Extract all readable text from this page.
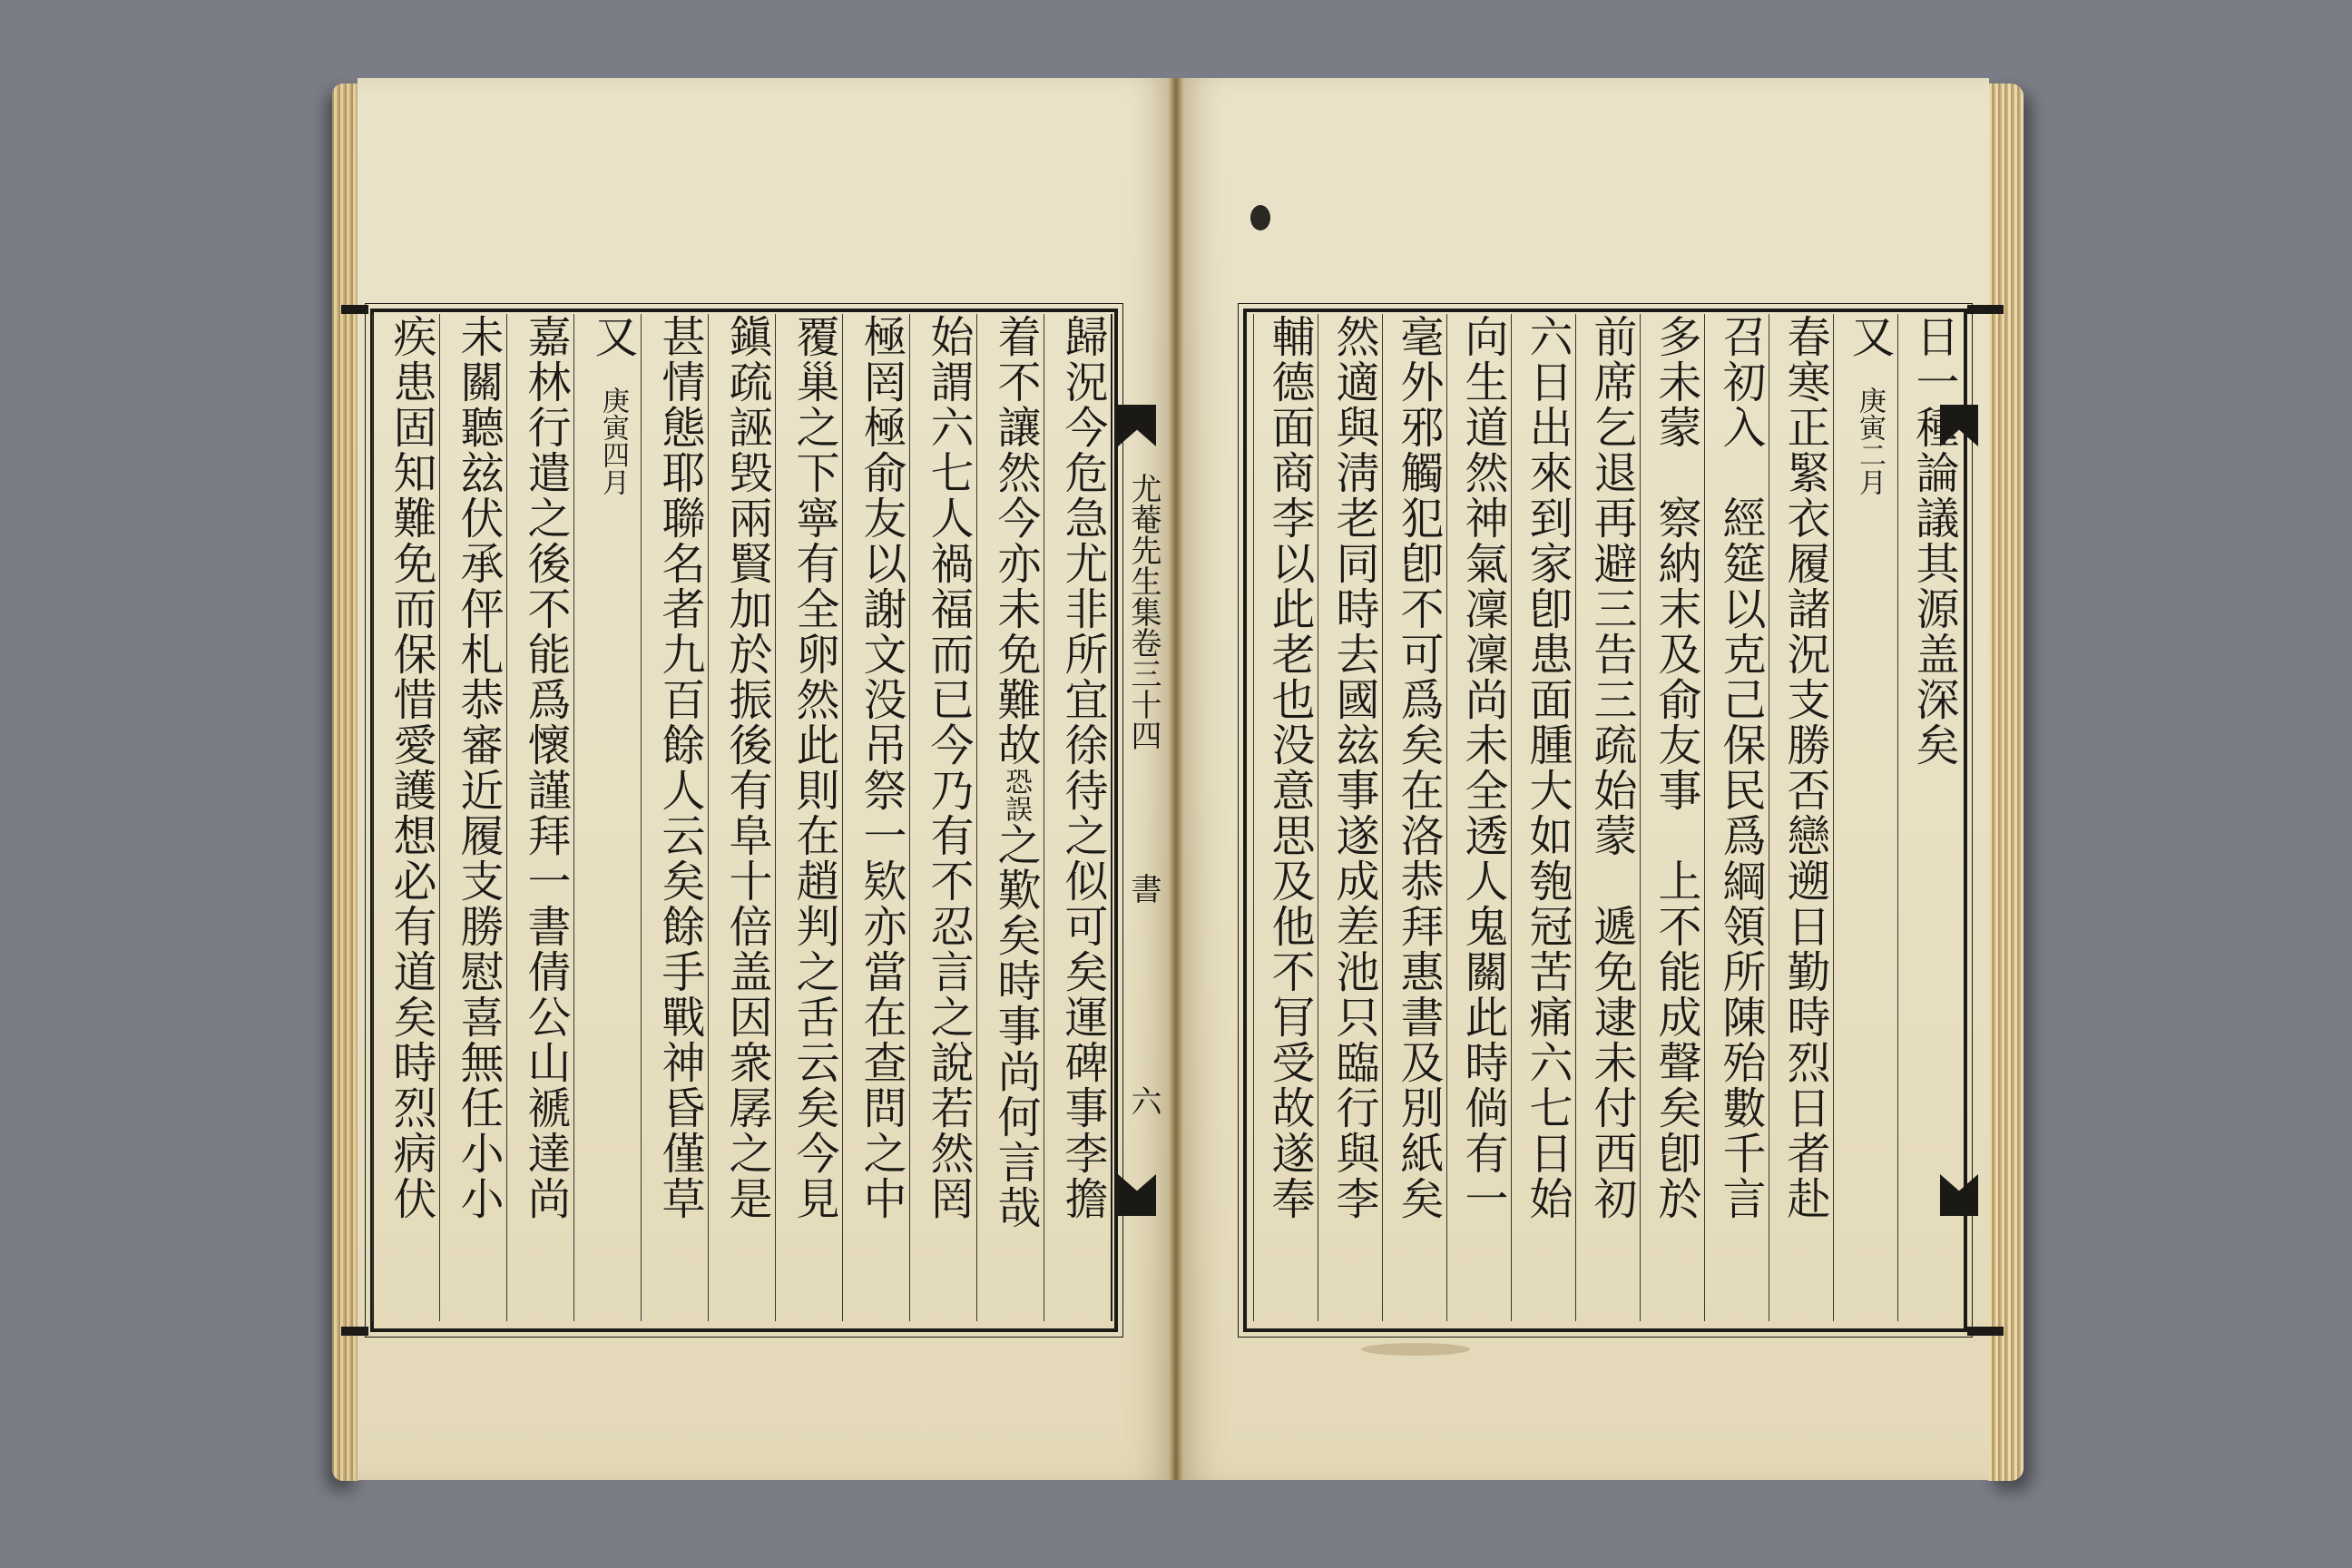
尤菴先生集卷三十四
書
六
歸況今危急尤非所宜徐待之似可矣運碑事李擔
着不讓然今亦未免難故恐誤之歎矣時事尚何言哉
始謂六七人禍福而已今乃有不忍言之說若然罔
極罔極俞友以謝文没吊祭一欵亦當在查問之中
覆巢之下寧有全卵然此則在趙判之舌云矣今見
鎭疏誣毁兩賢加於振後有阜十倍盖因衆孱之是
甚情態耶聯名者九百餘人云矣餘手戰神昏僅草
又　庚寅四月
嘉林行遣之後不能爲懷謹拜一書倩公山褫達尚
未關聽玆伏承伻札恭審近履支勝慰喜無任小小
疾患固知難免而保惜愛護想必有道矣時烈病伏	日一種論議其源盖深矣
又　庚寅二月
春寒正緊衣履諸況支勝否戀遡日勤時烈日者赴
召初入　經筵以克己保民爲綱領所陳殆數千言
多未蒙　察納末及俞友事　上不能成聲矣卽於
前席乞退再避三告三疏始蒙　遞免逮未付西初
六日出來到家卽患面腫大如匏冠苦痛六七日始
向生道然神氣凜凜尚未全透人鬼關此時倘有一
毫外邪觸犯卽不可爲矣在洛恭拜惠書及別紙矣
然適與淸老同時去國玆事遂成差池只臨行與李
輔德面商李以此老也没意思及他不肎受故遂奉
